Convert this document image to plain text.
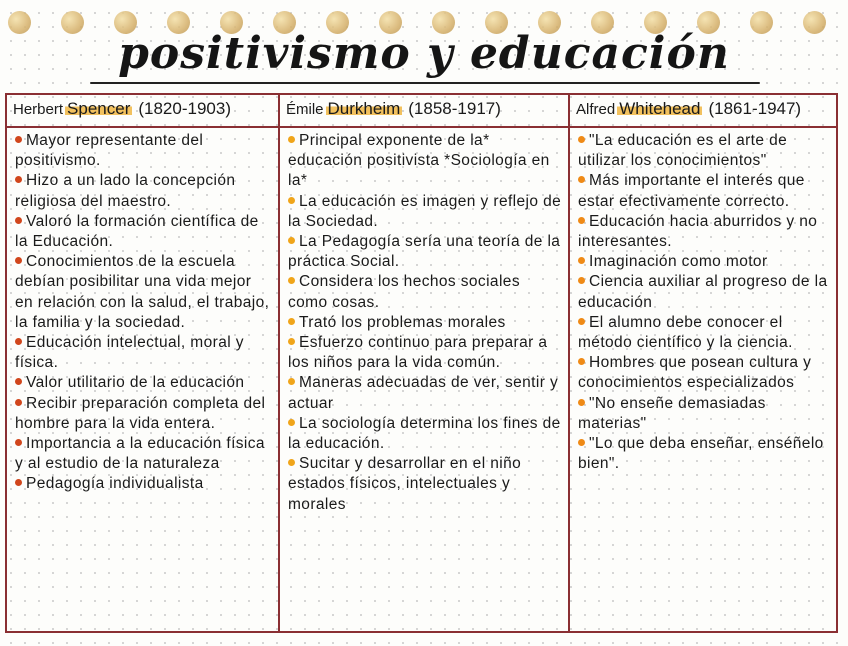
positivismo y educación
Herbert Spencer (1820-1903)

Mayor representante del positivismo.

Hizo a un lado la concepción religiosa del maestro.

Valoró la formación científica de la Educación.

Conocimientos de la escuela debían posibilitar una vida mejor en relación con la salud, el trabajo, la familia y la sociedad.

Educación intelectual, moral y física.

Valor utilitario de la educación

Recibir preparación completa del hombre para la vida entera.

Importancia a la educación física y al estudio de la naturaleza

Pedagogía individualista

Émile Durkheim (1858-1917)

Principal exponente de la* educación positivista *Sociología en la*

La educación es imagen y reflejo de la Sociedad.

La Pedagogía sería una teoría de la práctica Social.

Considera los hechos sociales como cosas.

Trató los problemas morales

Esfuerzo continuo para preparar a los niños para la vida común.

Maneras adecuadas de ver, sentir y actuar

La sociología determina los fines de la educación.

Sucitar y desarrollar en el niño estados físicos, intelectuales y morales

Alfred Whitehead (1861-1947)

"La educación es el arte de utilizar los conocimientos"

Más importante el interés que estar efectivamente correcto.

Educación hacia aburridos y no interesantes.

Imaginación como motor

Ciencia auxiliar al progreso de la educación

El alumno debe conocer el método científico y la ciencia.

Hombres que posean cultura y conocimientos especializados

"No enseñe demasiadas materias"

"Lo que deba enseñar, enséñelo bien".
